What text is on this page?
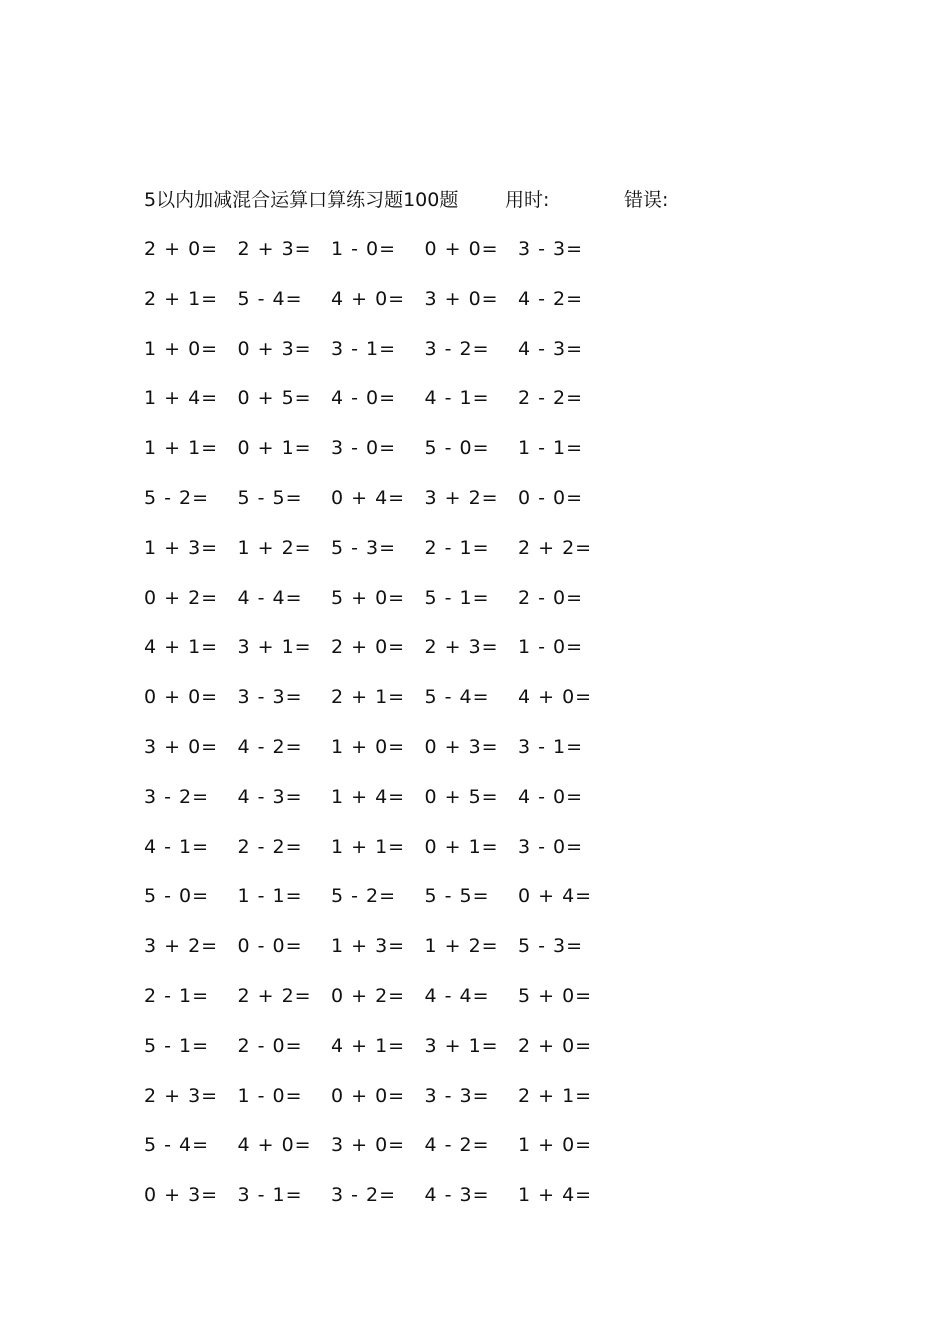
5以内加减混合运算口算练习题100题 用时:	错误:
2 + 0=	2 + 3=	1 - 0=	0 + 0=	3 - 3=
2 + 1=	5 - 4=	4 + 0=	3 + 0=	4 - 2=
1 + 0=	0 + 3=	3 - 1=	3 - 2=	4 - 3=
1 + 4=	0 + 5=	4 - 0=	4 - 1=	2 - 2=
1 + 1=	0 + 1=	3 - 0=	5 - 0=	1 - 1=
5 - 2=	5 - 5=	0 + 4=	3 + 2=	0 - 0=
1 + 3=	1 + 2=	5 - 3=	2 - 1=	2 + 2=
0 + 2=	4 - 4=	5 + 0=	5 - 1=	2 - 0=
4 + 1=	3 + 1=	2 + 0=	2 + 3=	1 - 0=
0 + 0=	3 - 3=	2 + 1=	5 - 4=	4 + 0=
3 + 0=	4 - 2=	1 + 0=	0 + 3=	3 - 1=
3 - 2=	4 - 3=	1 + 4=	0 + 5=	4 - 0=
4 - 1=	2 - 2=	1 + 1=	0 + 1=	3 - 0=
5 - 0=	1 - 1=	5 - 2=	5 - 5=	0 + 4=
3 + 2=	0 - 0=	1 + 3=	1 + 2=	5 - 3=
2 - 1=	2 + 2=	0 + 2=	4 - 4=	5 + 0=
5 - 1=	2 - 0=	4 + 1=	3 + 1=	2 + 0=
2 + 3=	1 - 0=	0 + 0=	3 - 3=	2 + 1=
5 - 4=	4 + 0=	3 + 0=	4 - 2=	1 + 0=
0 + 3=	3 - 1=	3 - 2=	4 - 3=	1 + 4=
